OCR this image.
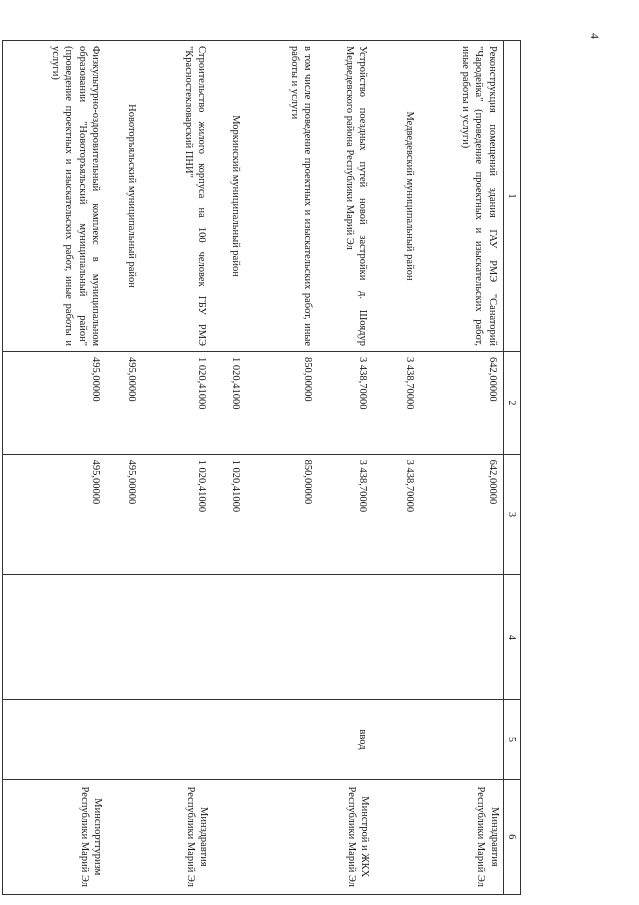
4
1	2	3	4	5	6
Реконструкция помещений здания ГАУ РМЭ "Санаторий "Чародейка" (проведение проектных и изыскательских работ, иные работы и услуги)	642,00000	642,00000			Минздравтия Республики Марий Эл
Медведевский муниципальный район	3 438,70000	3 438,70000			
Устройство поездных путей новой застройки д. Шоядур Медведевского района Республики Марий Эл	3 438,70000	3 438,70000		ввод	Минстрой и ЖКХ Республики Марий Эл
в том числе проведение проектных и изыскательских работ, иные работы и услуги	850,00000	850,00000			
Моркинский муниципальный район	1 020,41000	1 020,41000			
Строительство жилого корпуса на 100 человек ГБУ РМЭ "Красностекловарский ПНИ"	1 020,41000	1 020,41000			Минздравтия Республики Марий Эл
Новоторъяльский муниципальный район	495,00000	495,00000			
Физкультурно-оздоровительный комплекс в муниципальном образовании "Новоторъяльский муниципальный район" (проведение проектных и изыскательских работ, иные работы и услуги)	495,00000	495,00000			Минспорттуризм Республики Марий Эл
